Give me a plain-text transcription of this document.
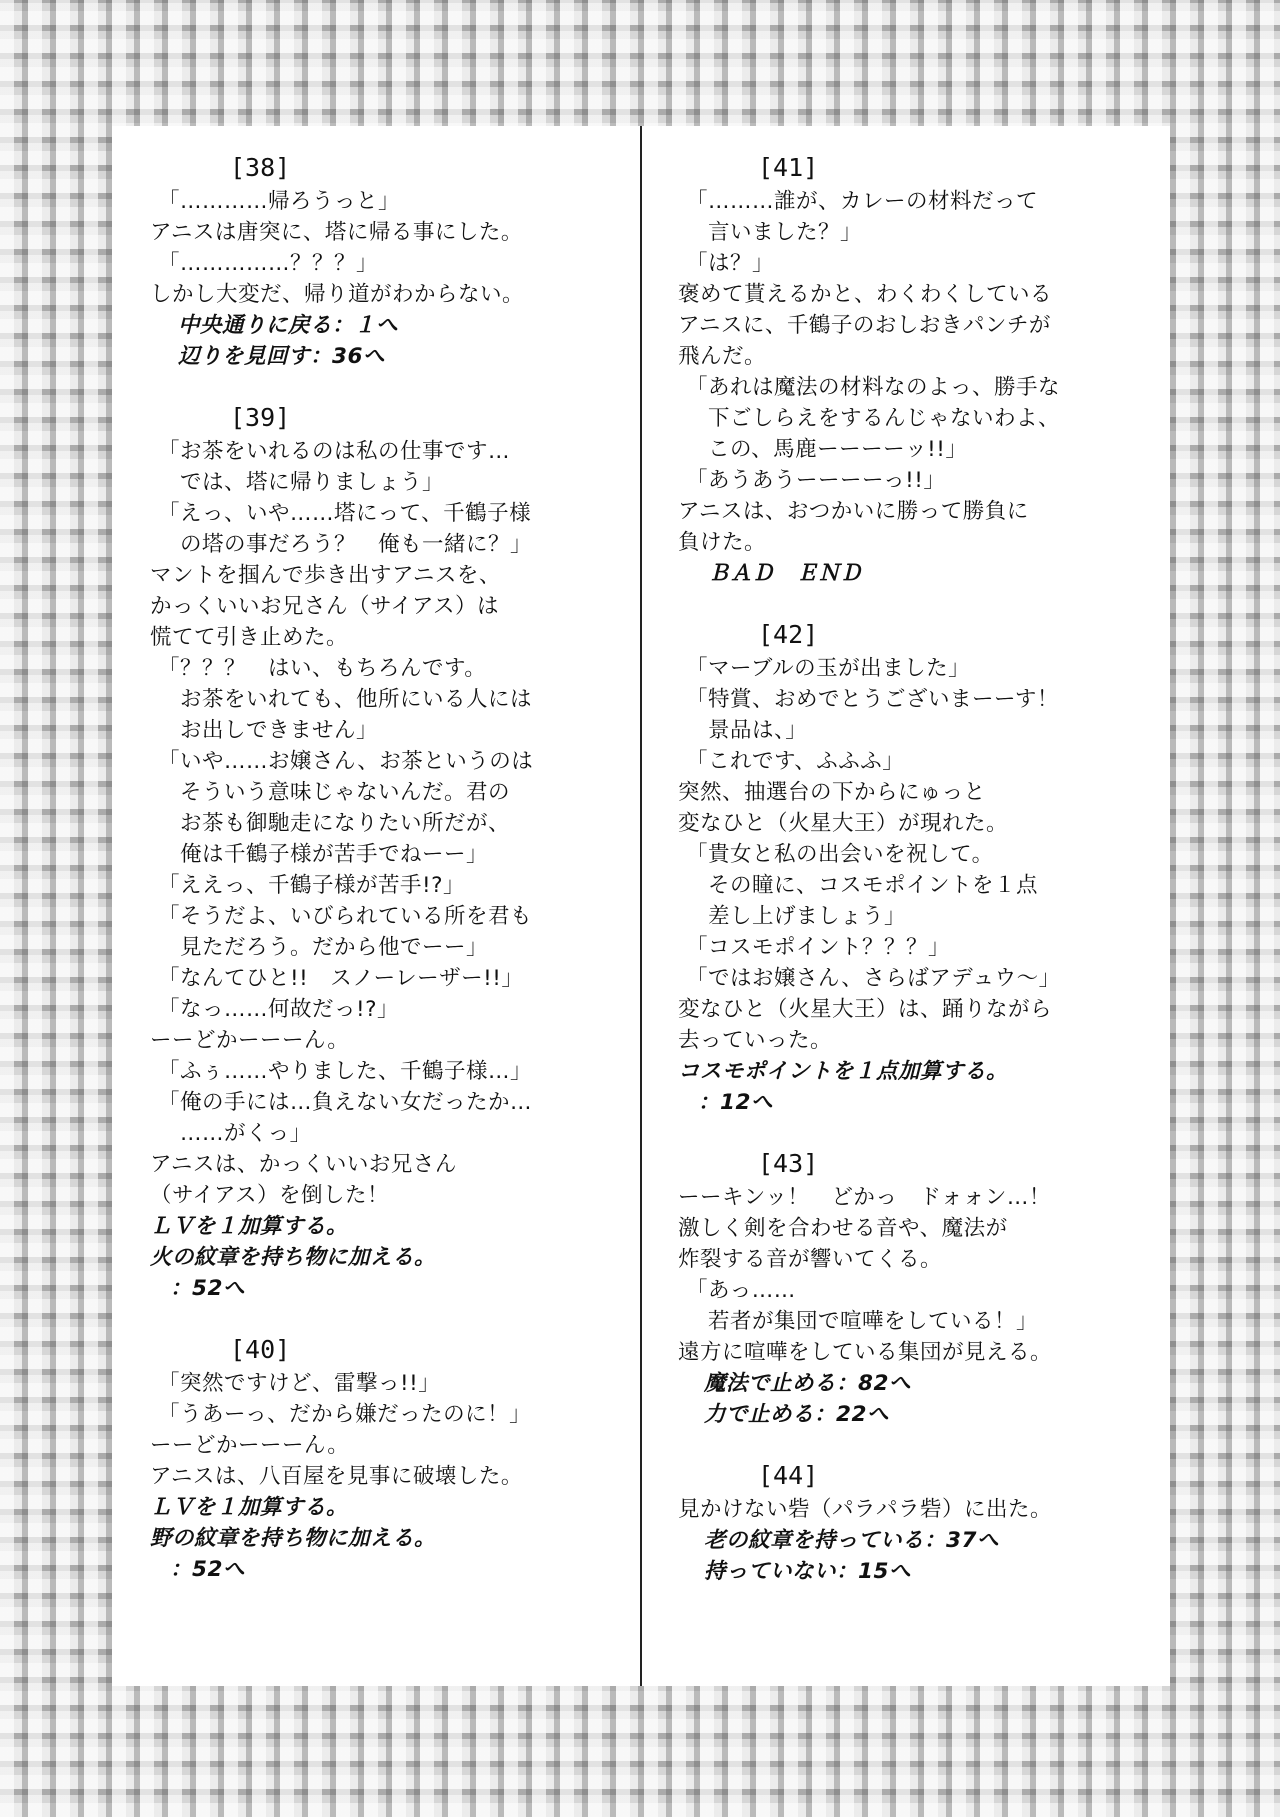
[38]
「…………帰ろうっと」
アニスは唐突に、塔に帰る事にした。
「……………？？？」
しかし大変だ、帰り道がわからない。
中央通りに戻る：１へ
辺りを見回す：36へ
[39]
「お茶をいれるのは私の仕事です…
では、塔に帰りましょう」
「えっ、いや……塔にって、千鶴子様
の塔の事だろう？　俺も一緒に？」
マントを掴んで歩き出すアニスを、
かっくいいお兄さん（サイアス）は
慌てて引き止めた。
「？？？　はい、もちろんです。
お茶をいれても、他所にいる人には
お出しできません」
「いや……お嬢さん、お茶というのは
そういう意味じゃないんだ。君の
お茶も御馳走になりたい所だが、
俺は千鶴子様が苦手でねーー」
「ええっ、千鶴子様が苦手!?」
「そうだよ、いびられている所を君も
見ただろう。だから他でーー」
「なんてひと!!　スノーレーザー!!」
「なっ……何故だっ!?」
ーーどかーーーん。
「ふぅ……やりました、千鶴子様…」
「俺の手には…負えない女だったか…
……がくっ」
アニスは、かっくいいお兄さん
（サイアス）を倒した！
ＬＶを１加算する。
火の紋章を持ち物に加える。
：52へ
[40]
「突然ですけど、雷撃っ!!」
「うあーっ、だから嫌だったのに！」
ーーどかーーーん。
アニスは、八百屋を見事に破壊した。
ＬＶを１加算する。
野の紋章を持ち物に加える。
：52へ
[41]
「………誰が、カレーの材料だって
言いました？」
「は？」
褒めて貰えるかと、わくわくしている
アニスに、千鶴子のおしおきパンチが
飛んだ。
「あれは魔法の材料なのよっ、勝手な
下ごしらえをするんじゃないわよ、
この、馬鹿ーーーーッ!!」
「あうあうーーーーっ!!」
アニスは、おつかいに勝って勝負に
負けた。
ＢＡＤ　ＥＮＤ
[42]
「マーブルの玉が出ました」
「特賞、おめでとうございまーーす！
景品は、」
「これです、ふふふ」
突然、抽選台の下からにゅっと
変なひと（火星大王）が現れた。
「貴女と私の出会いを祝して。
その瞳に、コスモポイントを１点
差し上げましょう」
「コスモポイント？？？」
「ではお嬢さん、さらばアデュウ～」
変なひと（火星大王）は、踊りながら
去っていった。
コスモポイントを１点加算する。
：12へ
[43]
ーーキンッ！　どかっ　ドォォン…！
激しく剣を合わせる音や、魔法が
炸裂する音が響いてくる。
「あっ……
若者が集団で喧嘩をしている！」
遠方に喧嘩をしている集団が見える。
魔法で止める：82へ
力で止める：22へ
[44]
見かけない砦（パラパラ砦）に出た。
老の紋章を持っている：37へ
持っていない：15へ
